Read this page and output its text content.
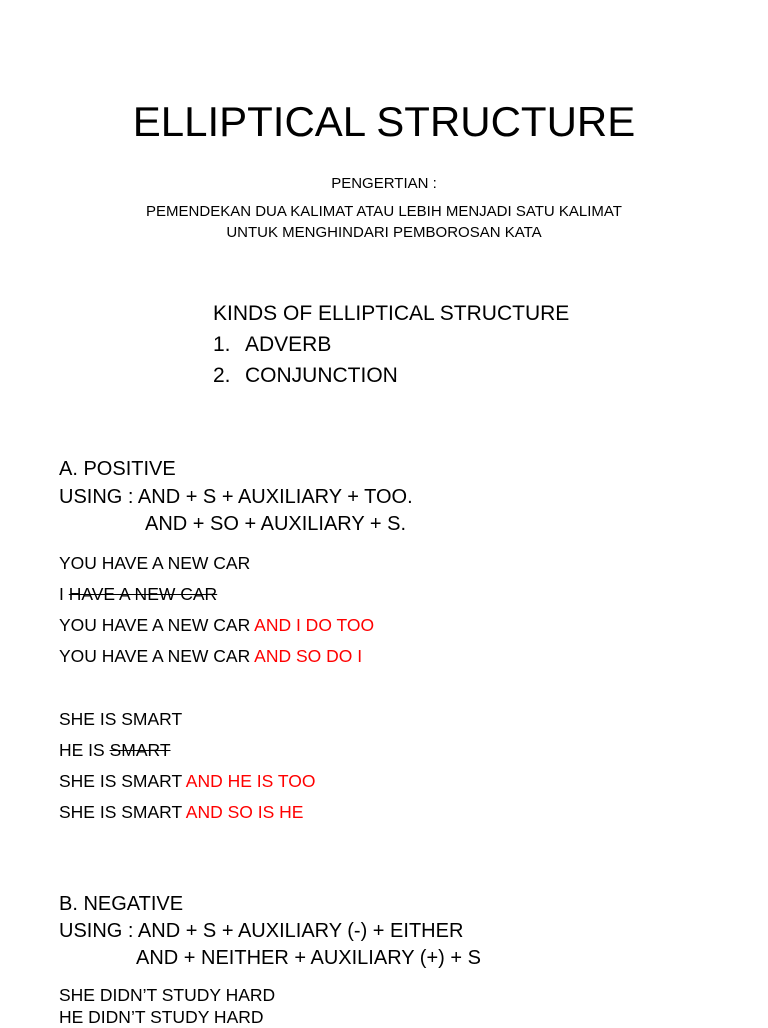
ELLIPTICAL STRUCTURE
PENGERTIAN :
PEMENDEKAN DUA KALIMAT ATAU LEBIH MENJADI SATU KALIMAT
UNTUK MENGHINDARI PEMBOROSAN KATA
KINDS OF ELLIPTICAL STRUCTURE
1. ADVERB
2. CONJUNCTION
A. POSITIVE
USING : AND + S + AUXILIARY + TOO.
AND + SO + AUXILIARY + S.
YOU HAVE A NEW CAR
I HAVE A NEW CAR
YOU HAVE A NEW CAR AND I DO TOO
YOU HAVE A NEW CAR AND SO DO I
SHE IS SMART
HE IS SMART
SHE IS SMART AND HE IS TOO
SHE IS SMART AND SO IS HE
B. NEGATIVE
USING : AND + S + AUXILIARY (-) + EITHER
AND + NEITHER + AUXILIARY (+) + S
SHE DIDN’T STUDY HARD
HE DIDN’T STUDY HARD
